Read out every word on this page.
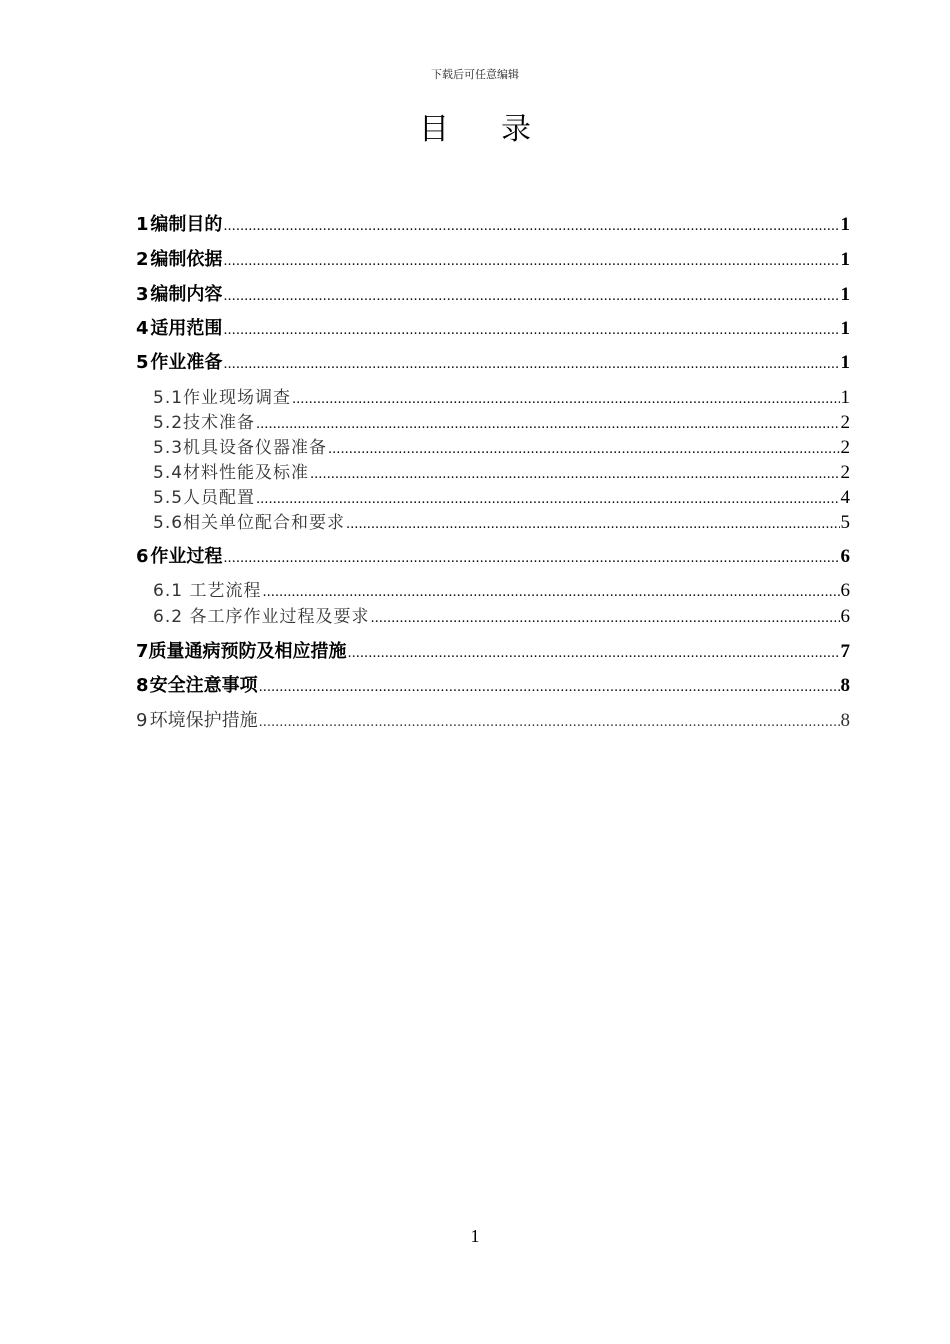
下载后可任意编辑
目 录
1 编制目的 .....	1
2 编制依据 .....	1
3 编制内容 .....	1
4 适用范围 .....	1
5 作业准备 .....	1
5.1作业现场调查 .....	1
5.2技术准备 .....	2
5.3机具设备仪器准备 .....	2
5.4材料性能及标准 .....	2
5.5人员配置 .....	4
5.6相关单位配合和要求 .....	5
6 作业过程 .....	6
6.1 工艺流程 .....	6
6.2 各工序作业过程及要求 .....	6
7 质量通病预防及相应措施 .....	7
8 安全注意事项 .....	8
9 环境保护措施 .....	8
1
